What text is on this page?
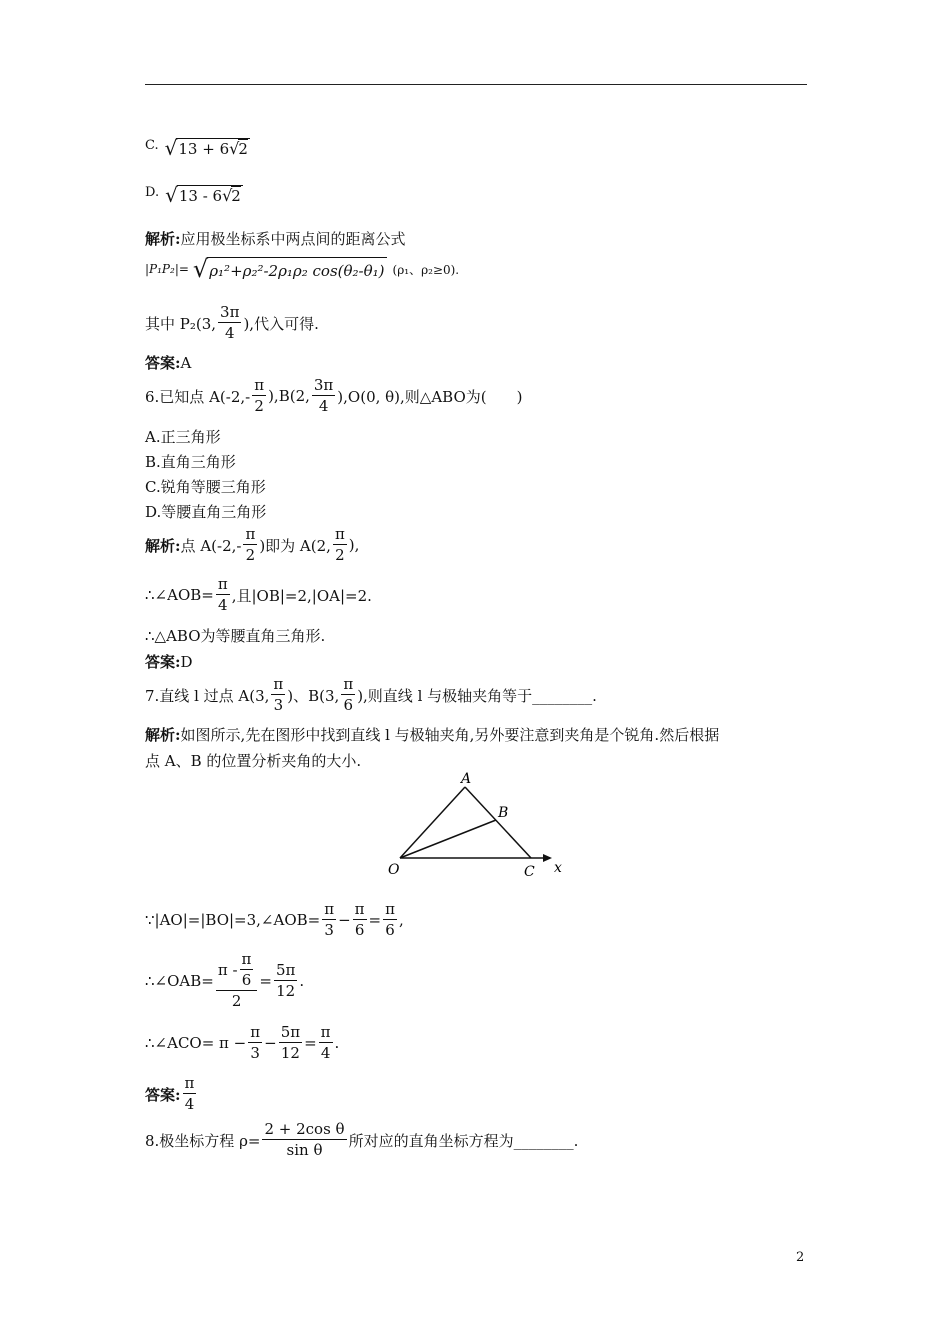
C. √ 13 + 6√2
D. √ 13 - 6√2
解析: 应用极坐标系中两点间的距离公式
|P₁P₂|= √ ρ₁²+ρ₂²-2ρ₁ρ₂ cos(θ₂-θ₁) (ρ₁、ρ₂≥0).
其中 P₂(3, $\frac{3\pi}{4}$ ),代入可得.
答案: A
6.已知点 $A(-2,- \frac{\pi}{2} ),B(2$, $\frac{3\pi}{4} ),O(0$, θ),则△ABO为(　　)
A.正三角形
B.直角三角形
C.锐角等腰三角形
D.等腰直角三角形
解析: 点 $A(-2,- \frac{\pi}{2}$ )即为 A(2, $\frac{\pi}{2}$ ),
∴∠AOB= $\frac{\pi}{4}$ ,且|OB|=2,|OA|=2.
∴△ABO为等腰直角三角形.
答案: D
7.直线 l 过点 A(3, $\frac{\pi}{3}$ )、B(3, $\frac{\pi}{6}$ ),则直线 l 与极轴夹角等于________.
解析: 如图所示,先在图形中找到直线 l 与极轴夹角,另外要注意到夹角是个锐角.然后根据
点 A、B 的位置分析夹角的大小.
A
B
O	C x
∵|AO|=|BO|=3,∠AOB= $\frac{\pi}{3} - \frac{\pi}{6} = \frac{\pi}{6}$ ,
∴∠OAB= $\frac{\pi - \frac{\pi}{6}}{2} = \frac{5\pi}{12}$ .
∴∠ACO= $\pi - \frac{\pi}{3} - \frac{5\pi}{12} = \frac{\pi}{4}$ .
答案: $\frac{\pi}{4}$
8.极坐标方程 $\rho= \frac{\text{2 + 2cos θ}}{\text{sin θ}}$ 所对应的直角坐标方程为________.
2
